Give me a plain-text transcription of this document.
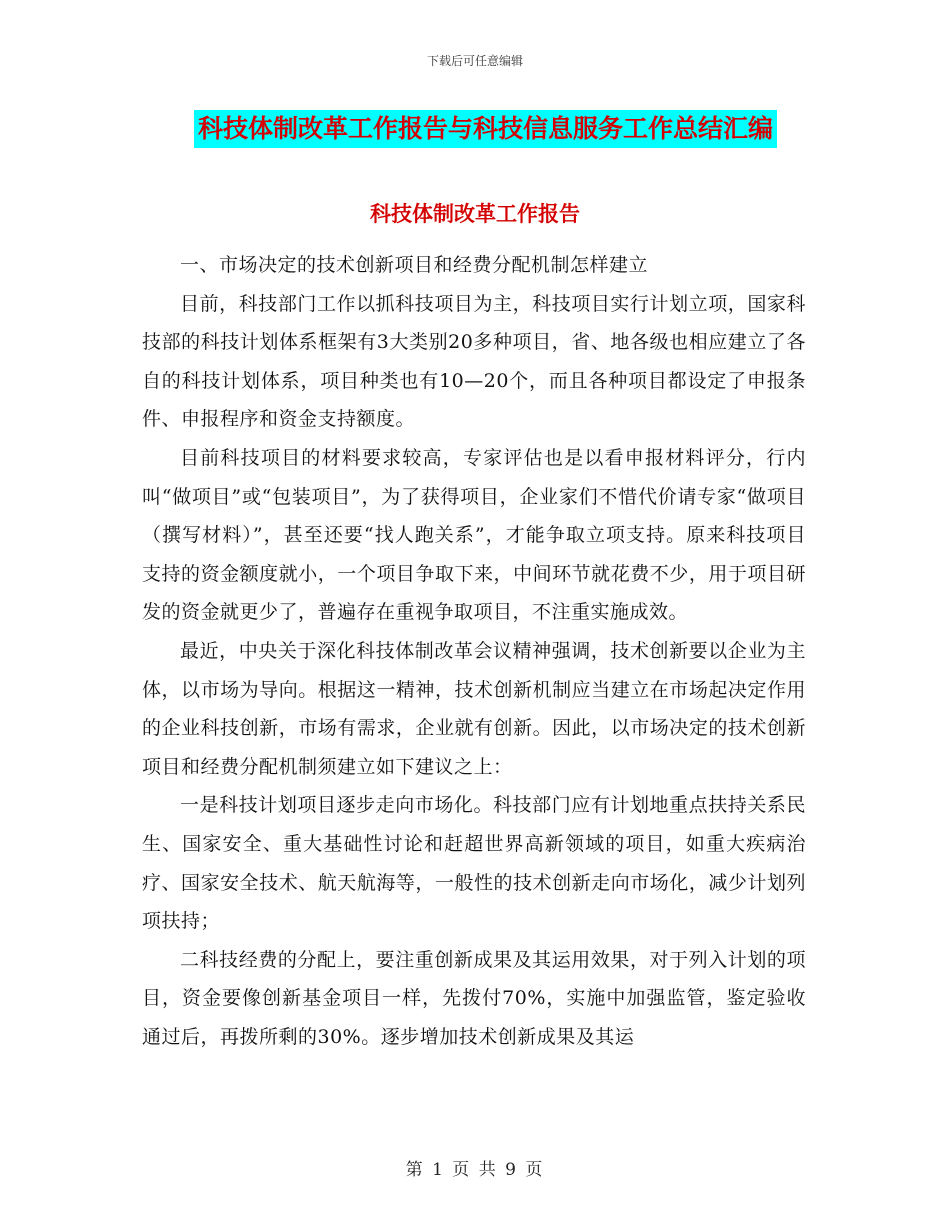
下载后可任意编辑
科技体制改革工作报告与科技信息服务工作总结汇编
科技体制改革工作报告

一、市场决定的技术创新项目和经费分配机制怎样建立

目前，科技部门工作以抓科技项目为主，科技项目实行计划立项，国家科技部的科技计划体系框架有3大类别20多种项目，省、地各级也相应建立了各自的科技计划体系，项目种类也有10—20个，而且各种项目都设定了申报条件、申报程序和资金支持额度。

目前科技项目的材料要求较高，专家评估也是以看申报材料评分，行内叫“做项目”或“包装项目”，为了获得项目，企业家们不惜代价请专家“做项目（撰写材料）”，甚至还要“找人跑关系”，才能争取立项支持。原来科技项目支持的资金额度就小，一个项目争取下来，中间环节就花费不少，用于项目研发的资金就更少了，普遍存在重视争取项目，不注重实施成效。

最近，中央关于深化科技体制改革会议精神强调，技术创新要以企业为主体，以市场为导向。根据这一精神，技术创新机制应当建立在市场起决定作用的企业科技创新，市场有需求，企业就有创新。因此，以市场决定的技术创新项目和经费分配机制须建立如下建议之上：

一是科技计划项目逐步走向市场化。科技部门应有计划地重点扶持关系民生、国家安全、重大基础性讨论和赶超世界高新领域的项目，如重大疾病治疗、国家安全技术、航天航海等，一般性的技术创新走向市场化，减少计划列项扶持；

二科技经费的分配上，要注重创新成果及其运用效果，对于列入计划的项目，资金要像创新基金项目一样，先拨付70%，实施中加强监管，鉴定验收通过后，再拨所剩的30%。逐步增加技术创新成果及其运

第 1 页 共 9 页
